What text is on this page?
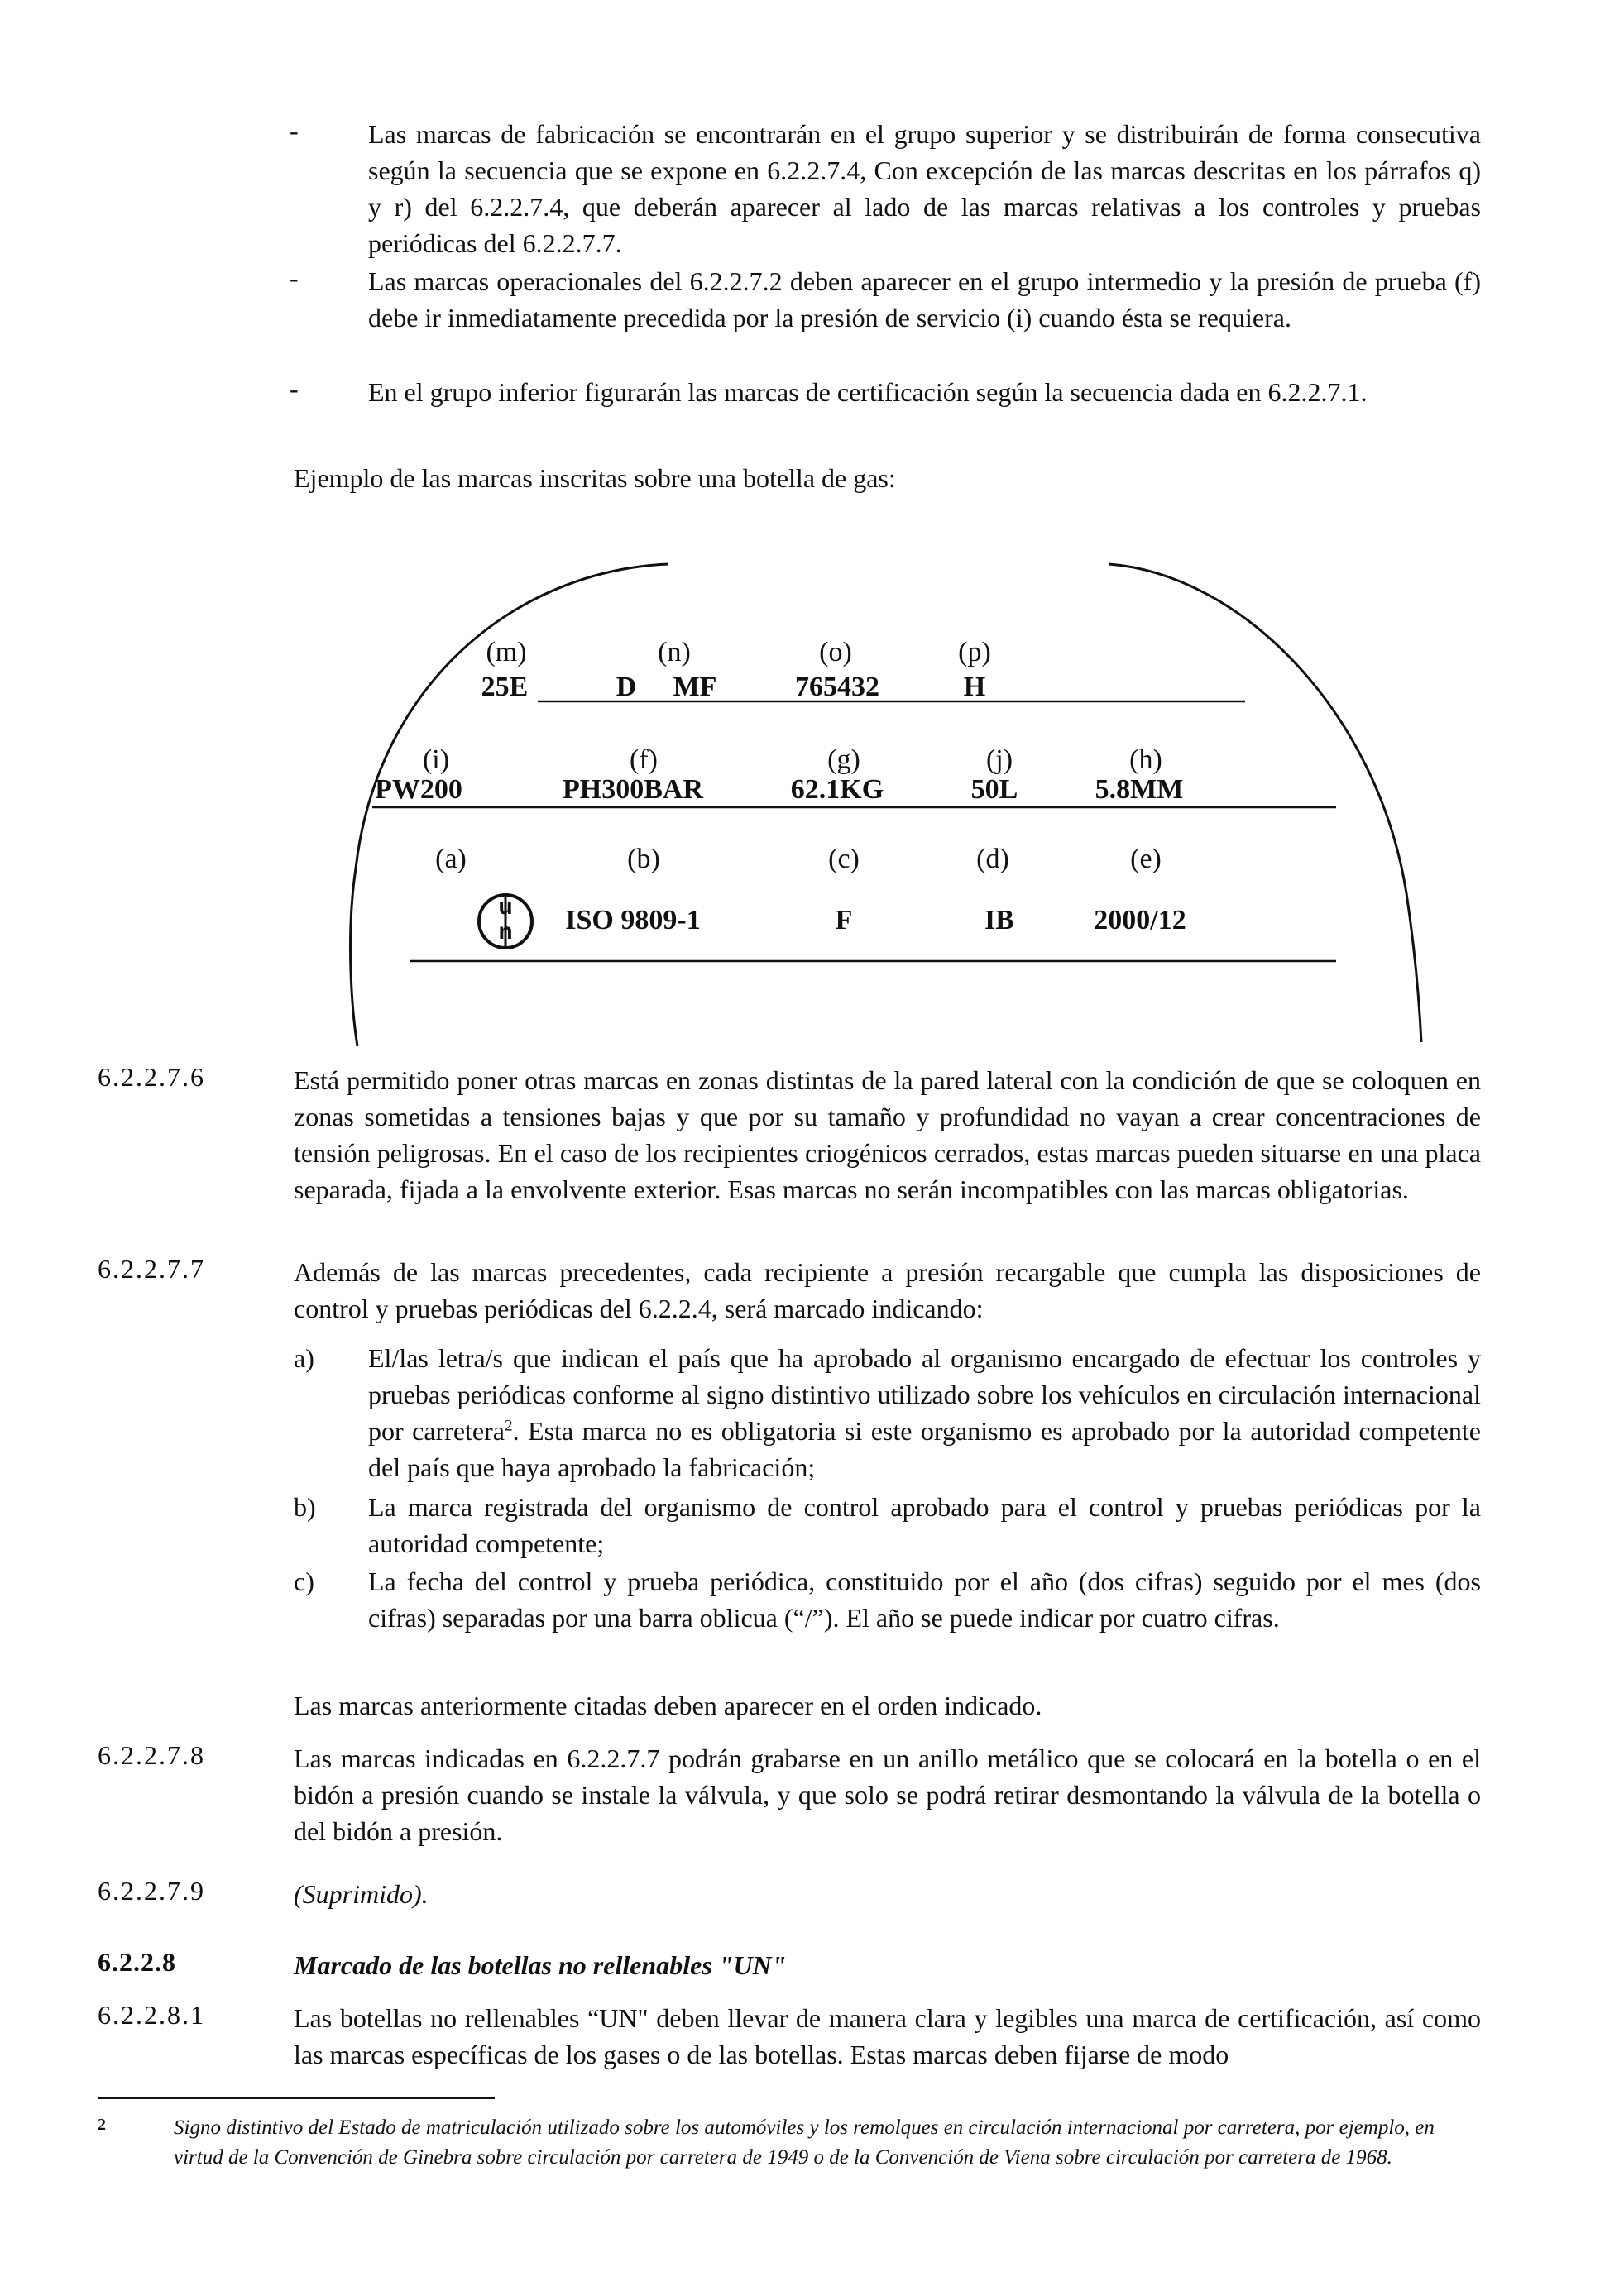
-	Las marcas de fabricación se encontrarán en el grupo superior y se distribuirán de forma consecutiva según la secuencia que se expone en 6.2.2.7.4, Con excepción de las marcas descritas en los párrafos q) y r) del 6.2.2.7.4, que deberán aparecer al lado de las marcas relativas a los controles y pruebas periódicas del 6.2.2.7.7.
-	Las marcas operacionales del 6.2.2.7.2 deben aparecer en el grupo intermedio y la presión de prueba (f) debe ir inmediatamente precedida por la presión de servicio (i) cuando ésta se requiera.
-	En el grupo inferior figurarán las marcas de certificación según la secuencia dada en 6.2.2.7.1.
Ejemplo de las marcas inscritas sobre una botella de gas:
(m)	(n)	(o)	(p)
25E	D MF	765432	H
(i)	(f)	(g)	(j)	(h)
PW200	PH300BAR	62.1KG	50L	5.8MM
(a)	(b)	(c)	(d)	(e)
u
n	ISO 9809-1	F	IB	2000/12
6.2.2.7.6	Está permitido poner otras marcas en zonas distintas de la pared lateral con la condición de que se coloquen en zonas sometidas a tensiones bajas y que por su tamaño y profundidad no vayan a crear concentraciones de tensión peligrosas. En el caso de los recipientes criogénicos cerrados, estas marcas pueden situarse en una placa separada, fijada a la envolvente exterior. Esas marcas no serán incompatibles con las marcas obligatorias.
6.2.2.7.7	Además de las marcas precedentes, cada recipiente a presión recargable que cumpla las disposiciones de control y pruebas periódicas del 6.2.2.4, será marcado indicando:
a) El/las letra/s que indican el país que ha aprobado al organismo encargado de efectuar los controles y pruebas periódicas conforme al signo distintivo utilizado sobre los vehículos en circulación internacional por carretera$^2$. Esta marca no es obligatoria si este organismo es aprobado por la autoridad competente del país que haya aprobado la fabricación;
b) La marca registrada del organismo de control aprobado para el control y pruebas periódicas por la autoridad competente;
c) La fecha del control y prueba periódica, constituido por el año (dos cifras) seguido por el mes (dos cifras) separadas por una barra oblicua (“/”). El año se puede indicar por cuatro cifras.
Las marcas anteriormente citadas deben aparecer en el orden indicado.
6.2.2.7.8	Las marcas indicadas en 6.2.2.7.7 podrán grabarse en un anillo metálico que se colocará en la botella o en el bidón a presión cuando se instale la válvula, y que solo se podrá retirar desmontando la válvula de la botella o del bidón a presión.
6.2.2.7.9	(Suprimido).
6.2.2.8	Marcado de las botellas no rellenables "UN"
6.2.2.8.1	Las botellas no rellenables “UN" deben llevar de manera clara y legibles una marca de certificación, así como las marcas específicas de los gases o de las botellas. Estas marcas deben fijarse de modo
2	Signo distintivo del Estado de matriculación utilizado sobre los automóviles y los remolques en circulación internacional por carretera, por ejemplo, en virtud de la Convención de Ginebra sobre circulación por carretera de 1949 o de la Convención de Viena sobre circulación por carretera de 1968.
